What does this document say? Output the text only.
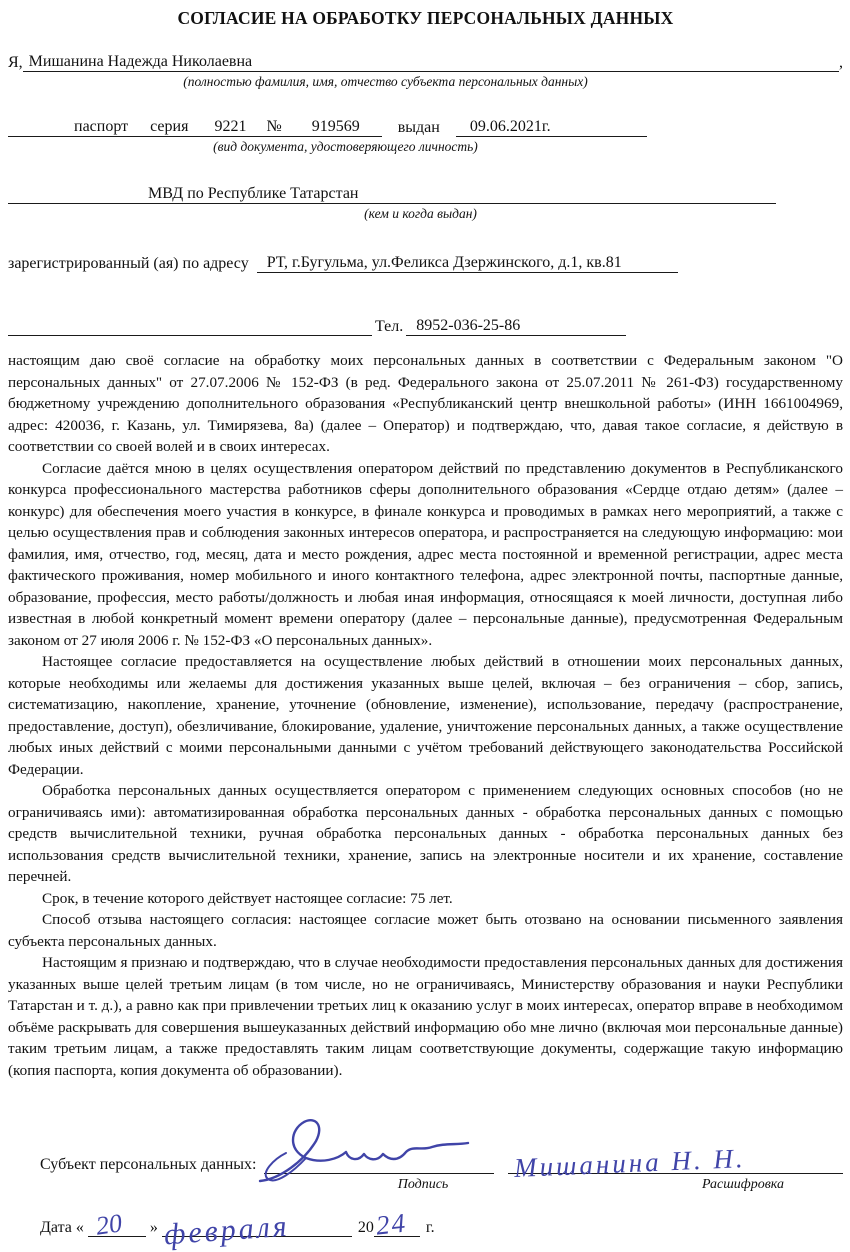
СОГЛАСИЕ НА ОБРАБОТКУ ПЕРСОНАЛЬНЫХ ДАННЫХ
Я, Мишанина Надежда Николаевна	,
(полностью фамилия, имя, отчество субъекта персональных данных)
паспорт	серия	9221	№	919569	выдан	09.06.2021г.
(вид документа, удостоверяющего личность)
МВД по Республике Татарстан
(кем и когда выдан)
зарегистрированный (ая) по адресу	РТ, г.Бугульма, ул.Феликса Дзержинского, д.1, кв.81
Тел. 8952-036-25-86

настоящим даю своё согласие на обработку моих персональных данных в соответствии с Федеральным законом "О персональных данных" от 27.07.2006 № 152-ФЗ (в ред. Федерального закона от 25.07.2011 № 261-ФЗ) государственному бюджетному учреждению дополнительного образования «Республиканский центр внешкольной работы» (ИНН 1661004969, адрес: 420036, г. Казань, ул. Тимирязева, 8а) (далее – Оператор) и подтверждаю, что, давая такое согласие, я действую в соответствии со своей волей и в своих интересах.

Согласие даётся мною в целях осуществления оператором действий по представлению документов в Республиканского конкурса профессионального мастерства работников сферы дополнительного образования «Сердце отдаю детям» (далее – конкурс) для обеспечения моего участия в конкурсе, в финале конкурса и проводимых в рамках него мероприятий, а также с целью осуществления прав и соблюдения законных интересов оператора, и распространяется на следующую информацию: мои фамилия, имя, отчество, год, месяц, дата и место рождения, адрес места постоянной и временной регистрации, адрес места фактического проживания, номер мобильного и иного контактного телефона, адрес электронной почты, паспортные данные, образование, профессия, место работы/должность и любая иная информация, относящаяся к моей личности, доступная либо известная в любой конкретный момент времени оператору (далее – персональные данные), предусмотренная Федеральным законом от 27 июля 2006 г. № 152-ФЗ «О персональных данных».

Настоящее согласие предоставляется на осуществление любых действий в отношении моих персональных данных, которые необходимы или желаемы для достижения указанных выше целей, включая – без ограничения – сбор, запись, систематизацию, накопление, хранение, уточнение (обновление, изменение), использование, передачу (распространение, предоставление, доступ), обезличивание, блокирование, удаление, уничтожение персональных данных, а также осуществление любых иных действий с моими персональными данными с учётом требований действующего законодательства Российской Федерации.

Обработка персональных данных осуществляется оператором с применением следующих основных способов (но не ограничиваясь ими): автоматизированная обработка персональных данных - обработка персональных данных с помощью средств вычислительной техники, ручная обработка персональных данных - обработка персональных данных без использования средств вычислительной техники, хранение, запись на электронные носители и их хранение, составление перечней.

Срок, в течение которого действует настоящее согласие: 75 лет.

Способ отзыва настоящего согласия: настоящее согласие может быть отозвано на основании письменного заявления субъекта персональных данных.

Настоящим я признаю и подтверждаю, что в случае необходимости предоставления персональных данных для достижения указанных выше целей третьим лицам (в том числе, но не ограничиваясь, Министерству образования и науки Республики Татарстан и т. д.), а равно как при привлечении третьих лиц к оказанию услуг в моих интересах, оператор вправе в необходимом объёме раскрывать для совершения вышеуказанных действий информацию обо мне лично (включая мои персональные данные) таким третьим лицам, а также предоставлять таким лицам соответствующие документы, содержащие такую информацию (копия паспорта, копия документа об образовании).

Субъект персональных данных:	Мишанина Н. Н.
Подпись	Расшифровка
Дата « 20 » февраля	20 24	г.
